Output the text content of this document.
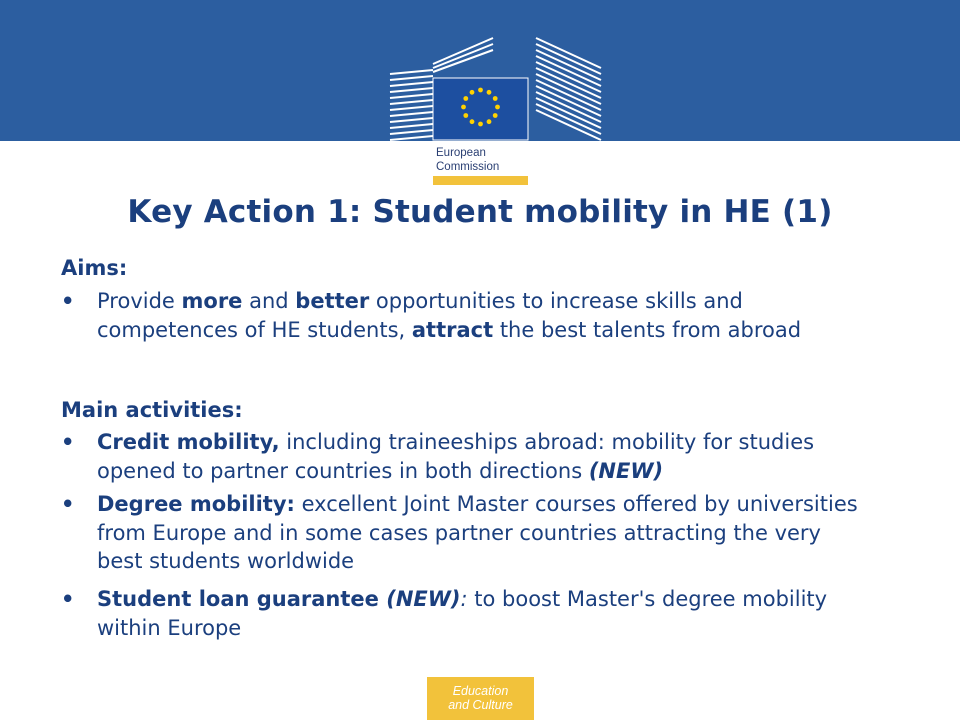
European
Commission
Key Action 1: Student mobility in HE (1)
Aims:
• Provide more and better opportunities to increase skills and competences of HE students, attract the best talents from abroad
Main activities:
• Credit mobility, including traineeships abroad: mobility for studies opened to partner countries in both directions (NEW)
• Degree mobility: excellent Joint Master courses offered by universities from Europe and in some cases partner countries attracting the very best students worldwide
• Student loan guarantee (NEW): to boost Master's degree mobility within Europe
Education
and Culture
